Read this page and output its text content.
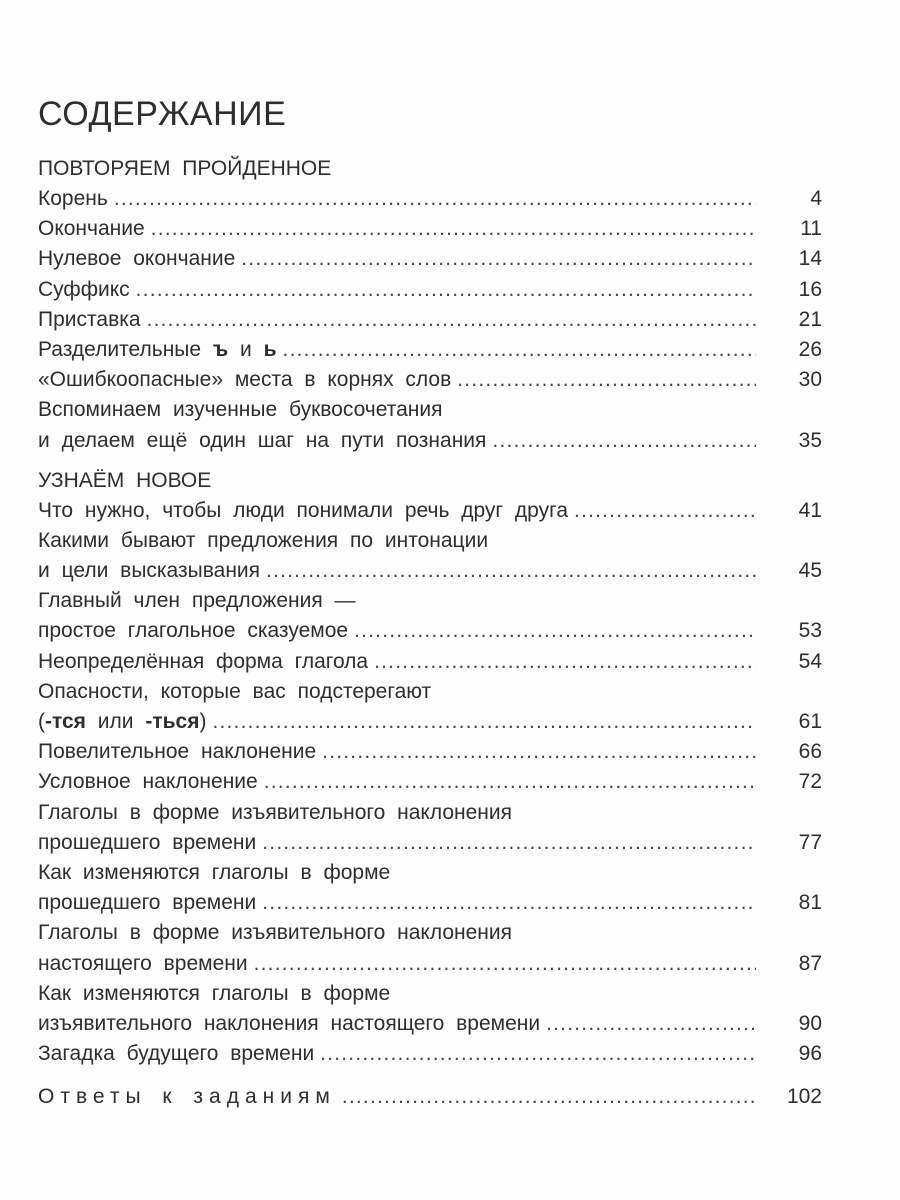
СОДЕРЖАНИЕ
ПОВТОРЯЕМ ПРОЙДЕННОЕ
Корень .....	4
Окончание .....	11
Нулевое окончание .....	14
Суффикс .....	16
Приставка .....	21
Разделительные ъ и ь .....	26
«Ошибкоопасные» места в корнях слов .....	30
Вспоминаем изученные буквосочетания
и делаем ещё один шаг на пути познания .....	35
УЗНАЁМ НОВОЕ
Что нужно, чтобы люди понимали речь друг друга .....	41
Какими бывают предложения по интонации
и цели высказывания .....	45
Главный член предложения —
простое глагольное сказуемое .....	53
Неопределённая форма глагола .....	54
Опасности, которые вас подстерегают
(-тся или -ться) .....	61
Повелительное наклонение .....	66
Условное наклонение .....	72
Глаголы в форме изъявительного наклонения
прошедшего времени .....	77
Как изменяются глаголы в форме
прошедшего времени .....	81
Глаголы в форме изъявительного наклонения
настоящего времени .....	87
Как изменяются глаголы в форме
изъявительного наклонения настоящего времени .....	90
Загадка будущего времени .....	96
Ответы к заданиям .....	102
